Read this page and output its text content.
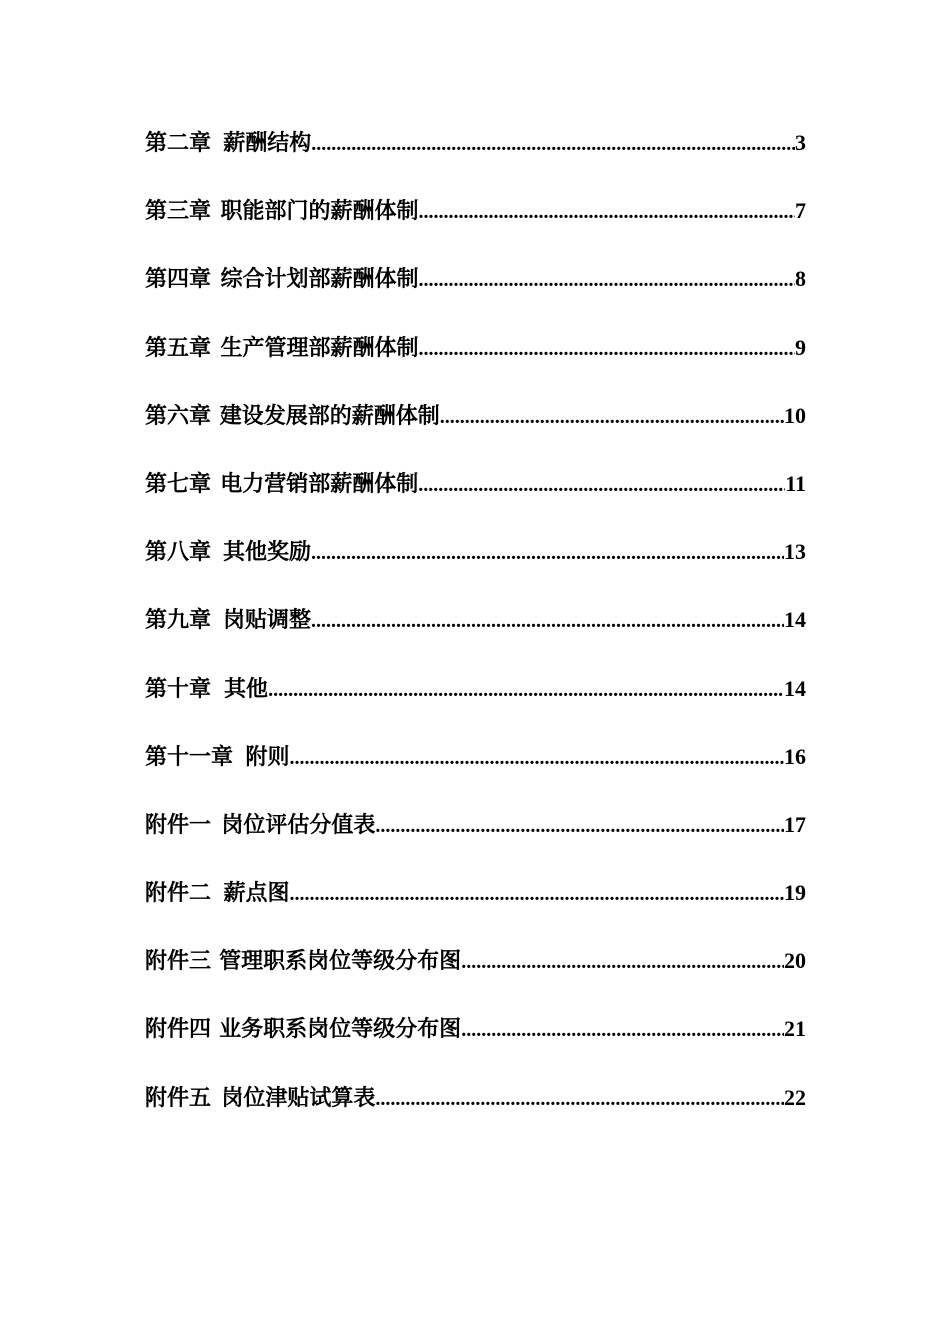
第二章 薪酬结构 .....	3
第三章 职能部门的薪酬体制 .....	7
第四章 综合计划部薪酬体制 .....	8
第五章 生产管理部薪酬体制 .....	9
第六章 建设发展部的薪酬体制 .....	10
第七章 电力营销部薪酬体制 .....	11
第八章 其他奖励 .....	13
第九章 岗贴调整 .....	14
第十章 其他 .....	14
第十一章 附则 .....	16
附件一 岗位评估分值表 .....	17
附件二 薪点图 .....	19
附件三 管理职系岗位等级分布图 .....	20
附件四 业务职系岗位等级分布图 .....	21
附件五 岗位津贴试算表 .....	22
